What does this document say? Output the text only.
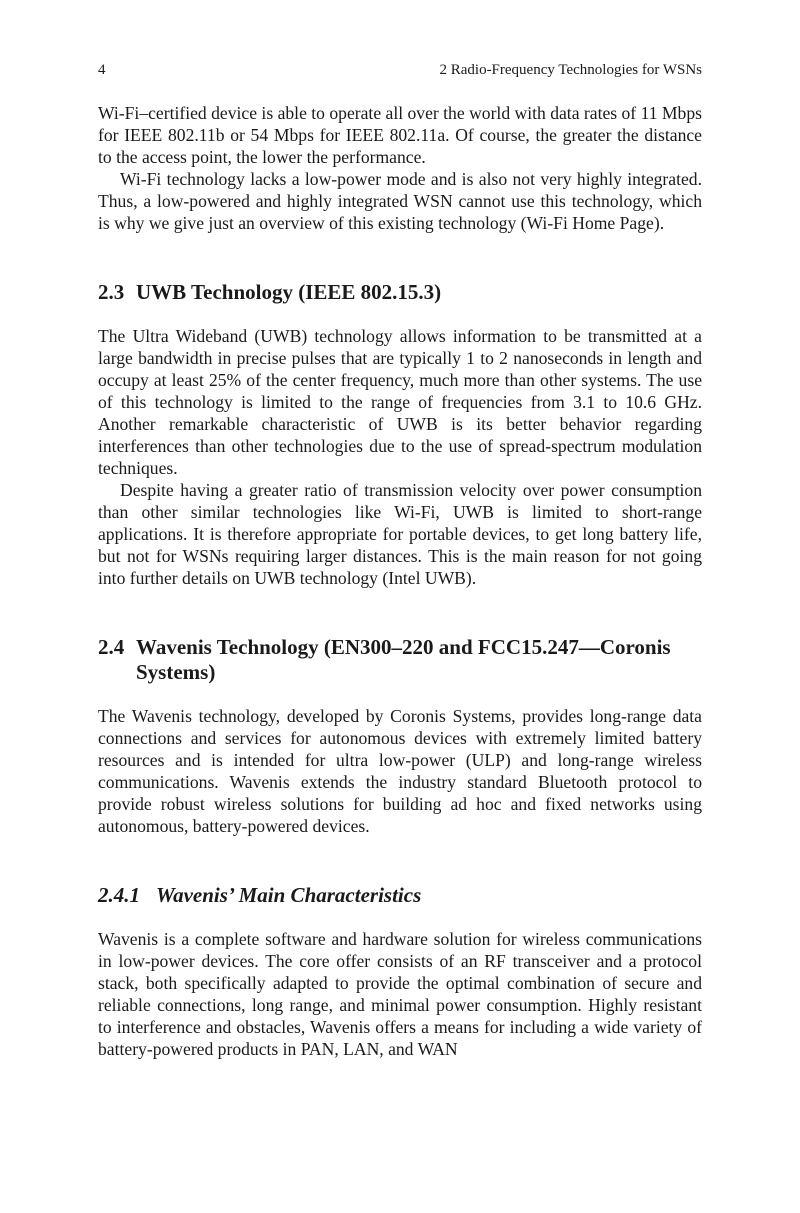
4	2 Radio-Frequency Technologies for WSNs

Wi-Fi–certified device is able to operate all over the world with data rates of 11 Mbps for IEEE 802.11b or 54 Mbps for IEEE 802.11a. Of course, the greater the distance to the access point, the lower the performance.

Wi-Fi technology lacks a low-power mode and is also not very highly integrated. Thus, a low-powered and highly integrated WSN cannot use this technology, which is why we give just an overview of this existing technology (Wi-Fi Home Page).

2.3 UWB Technology (IEEE 802.15.3)

The Ultra Wideband (UWB) technology allows information to be transmitted at a large bandwidth in precise pulses that are typically 1 to 2 nanoseconds in length and occupy at least 25% of the center frequency, much more than other systems. The use of this technology is limited to the range of frequencies from 3.1 to 10.6 GHz. Another remarkable characteristic of UWB is its better behavior regarding interferences than other technologies due to the use of spread-spectrum modulation techniques.

Despite having a greater ratio of transmission velocity over power consumption than other similar technologies like Wi-Fi, UWB is limited to short-range applications. It is therefore appropriate for portable devices, to get long battery life, but not for WSNs requiring larger distances. This is the main reason for not going into further details on UWB technology (Intel UWB).

2.4 Wavenis Technology (EN300–220 and FCC15.247—Coronis Systems)

The Wavenis technology, developed by Coronis Systems, provides long-range data connections and services for autonomous devices with extremely limited battery resources and is intended for ultra low-power (ULP) and long-range wireless communications. Wavenis extends the industry standard Bluetooth protocol to provide robust wireless solutions for building ad hoc and fixed networks using autonomous, battery-powered devices.

2.4.1 Wavenis’ Main Characteristics

Wavenis is a complete software and hardware solution for wireless communications in low-power devices. The core offer consists of an RF transceiver and a protocol stack, both specifically adapted to provide the optimal combination of secure and reliable connections, long range, and minimal power consumption. Highly resistant to interference and obstacles, Wavenis offers a means for including a wide variety of battery-powered products in PAN, LAN, and WAN
